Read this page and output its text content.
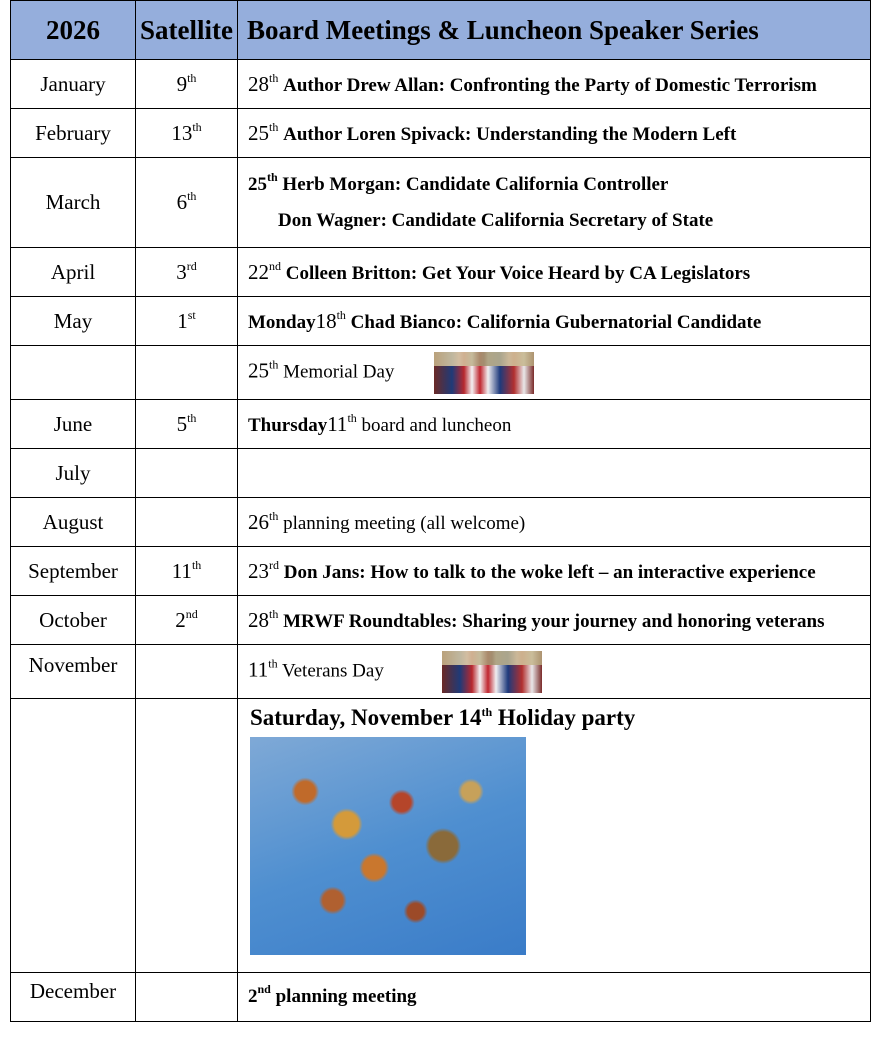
2026	Satellite	Board Meetings & Luncheon Speaker Series
January	9th	28th Author Drew Allan: Confronting the Party of Domestic Terrorism
February	13th	25th Author Loren Spivack: Understanding the Modern Left
March	6th	25th Herb Morgan: Candidate California Controller
Don Wagner: Candidate California Secretary of State

April	3rd	22nd Colleen Britton: Get Your Voice Heard by CA Legislators
May	1st	Monday18th Chad Bianco: California Gubernatorial Candidate
		25th Memorial Day
June	5th	Thursday11th board and luncheon
July		
August		26th planning meeting (all welcome)
September	11th	23rd Don Jans: How to talk to the woke left – an interactive experience
October	2nd	28th MRWF Roundtables: Sharing your journey and honoring veterans
November		11th Veterans Day

		Saturday, November 14th Holiday party

December		2nd planning meeting
